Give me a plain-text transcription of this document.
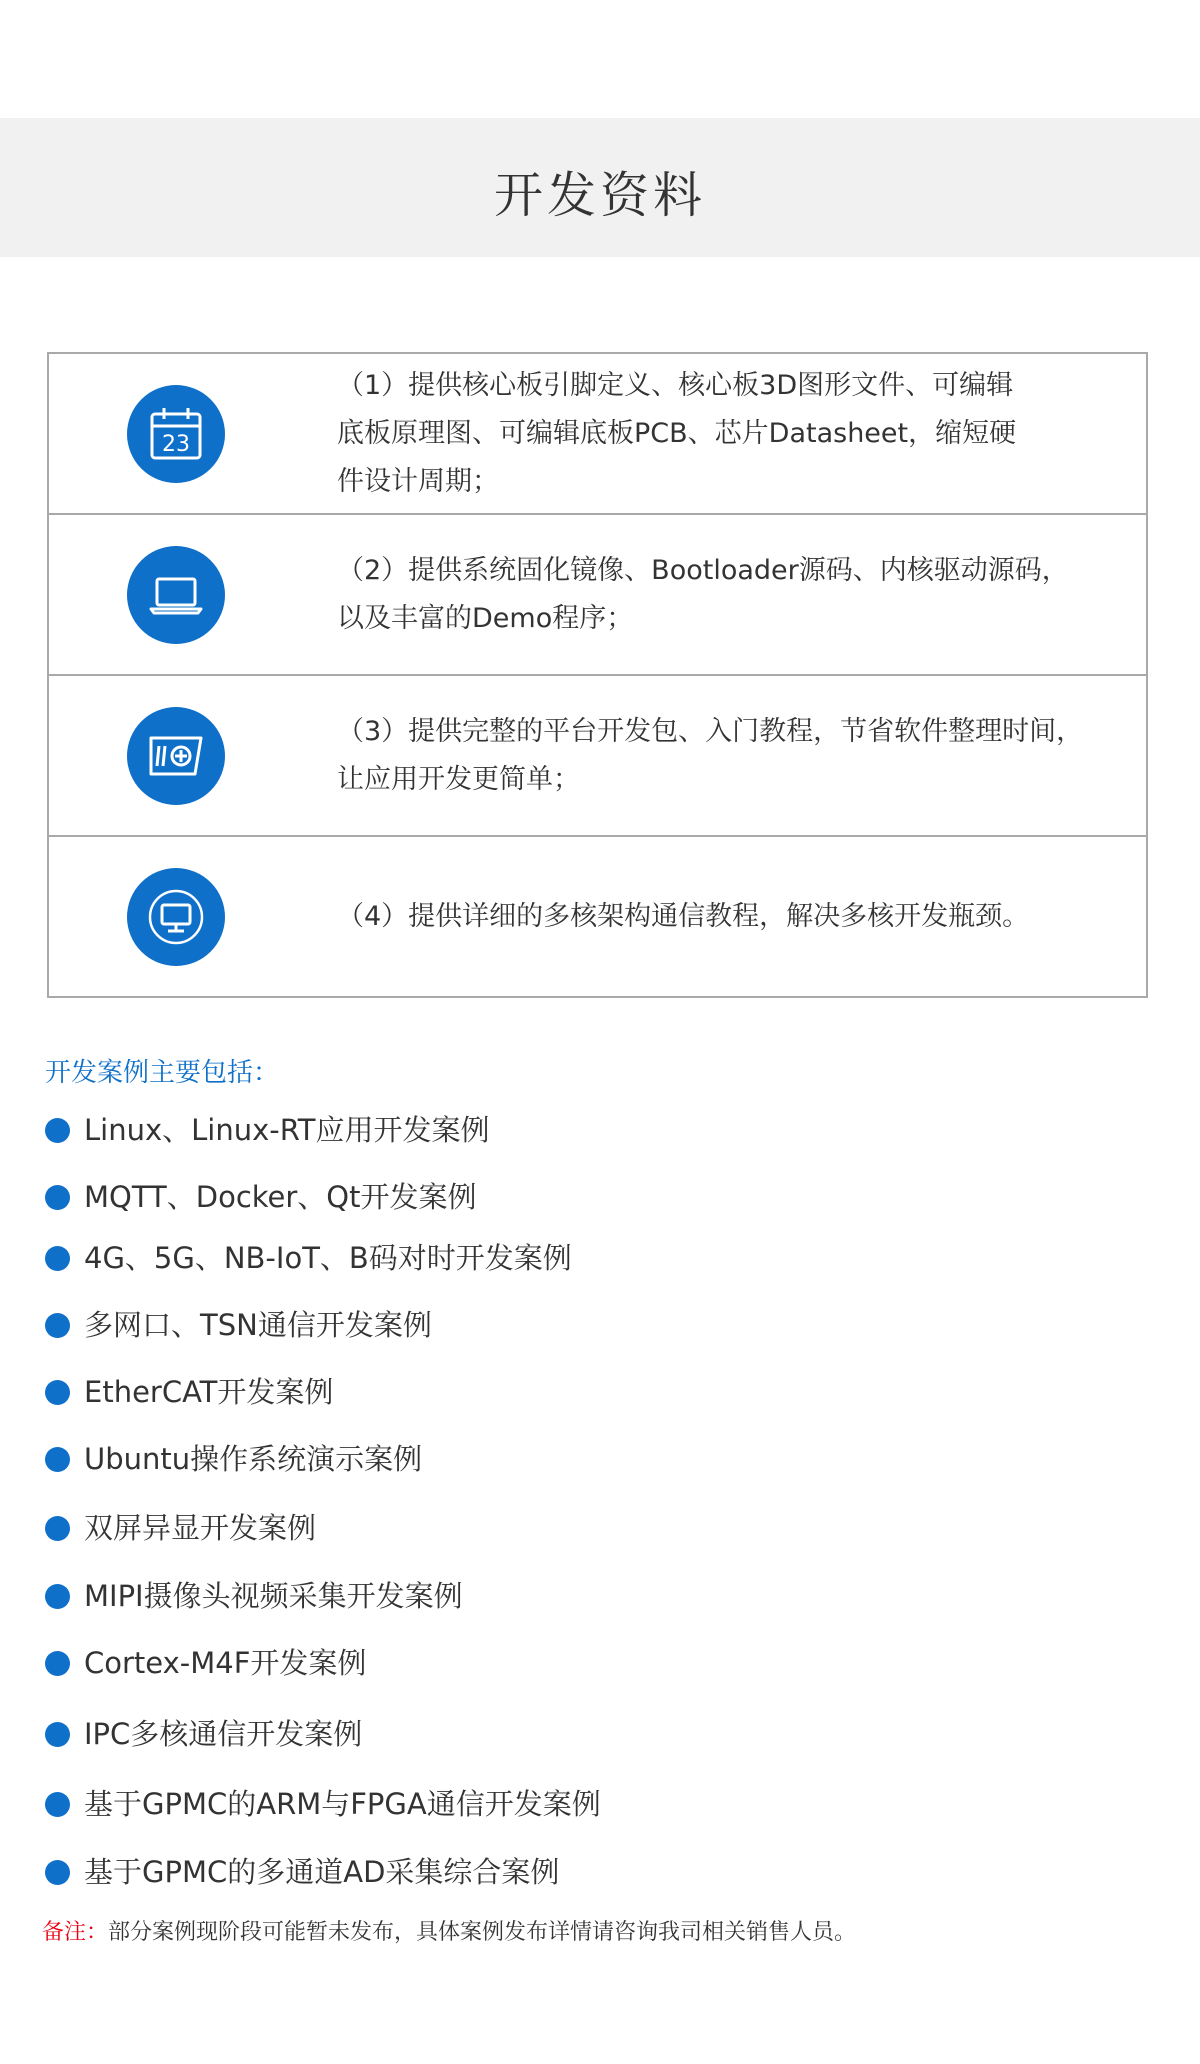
开发资料
23
（1）提供核心板引脚定义、核心板3D图形文件、可编辑
底板原理图、可编辑底板PCB、芯片Datasheet，缩短硬
件设计周期；
（2）提供系统固化镜像、Bootloader源码、内核驱动源码，
以及丰富的Demo程序；
（3）提供完整的平台开发包、入门教程，节省软件整理时间，
让应用开发更简单；
（4）提供详细的多核架构通信教程，解决多核开发瓶颈。
开发案例主要包括：
Linux、Linux-RT应用开发案例
MQTT、Docker、Qt开发案例
4G、5G、NB-IoT、B码对时开发案例
多网口、TSN通信开发案例
EtherCAT开发案例
Ubuntu操作系统演示案例
双屏异显开发案例
MIPI摄像头视频采集开发案例
Cortex-M4F开发案例
IPC多核通信开发案例
基于GPMC的ARM与FPGA通信开发案例
基于GPMC的多通道AD采集综合案例
备注：部分案例现阶段可能暂未发布，具体案例发布详情请咨询我司相关销售人员。
